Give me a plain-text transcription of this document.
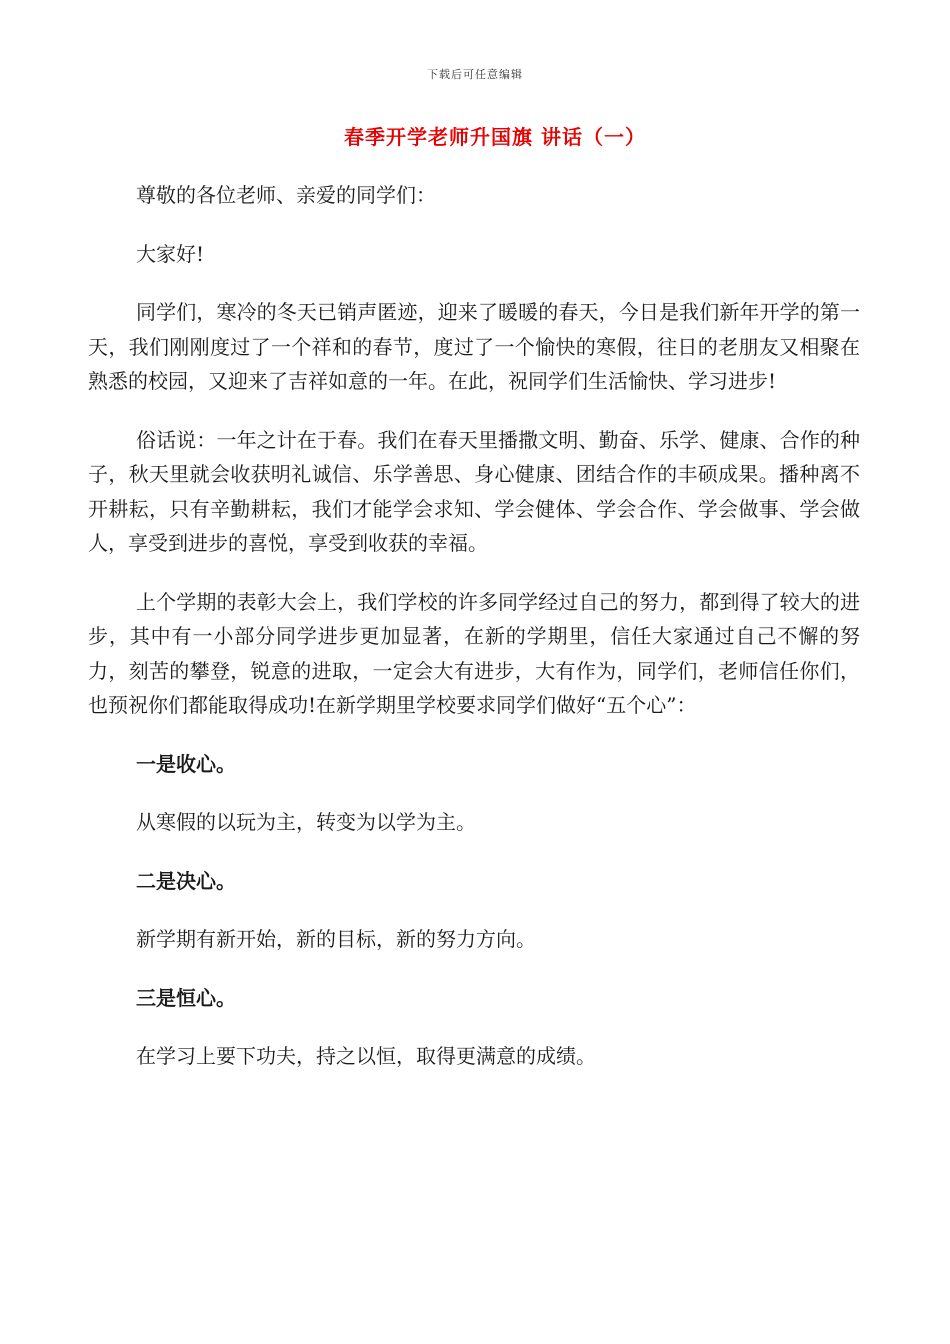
下载后可任意编辑
春季开学老师升国旗 讲话（一）

尊敬的各位老师、亲爱的同学们：

大家好!

同学们，寒冷的冬天已销声匿迹，迎来了暖暖的春天，今日是我们新年开学的第一天，我们刚刚度过了一个祥和的春节，度过了一个愉快的寒假，往日的老朋友又相聚在熟悉的校园，又迎来了吉祥如意的一年。在此，祝同学们生活愉快、学习进步!

俗话说：一年之计在于春。我们在春天里播撒文明、勤奋、乐学、健康、合作的种子，秋天里就会收获明礼诚信、乐学善思、身心健康、团结合作的丰硕成果。播种离不开耕耘，只有辛勤耕耘，我们才能学会求知、学会健体、学会合作、学会做事、学会做人，享受到进步的喜悦，享受到收获的幸福。

上个学期的表彰大会上，我们学校的许多同学经过自己的努力，都到得了较大的进步，其中有一小部分同学进步更加显著，在新的学期里，信任大家通过自己不懈的努力，刻苦的攀登，锐意的进取，一定会大有进步，大有作为，同学们，老师信任你们，也预祝你们都能取得成功!在新学期里学校要求同学们做好“五个心”：

一是收心。

从寒假的以玩为主，转变为以学为主。

二是决心。

新学期有新开始，新的目标，新的努力方向。

三是恒心。

在学习上要下功夫，持之以恒，取得更满意的成绩。
